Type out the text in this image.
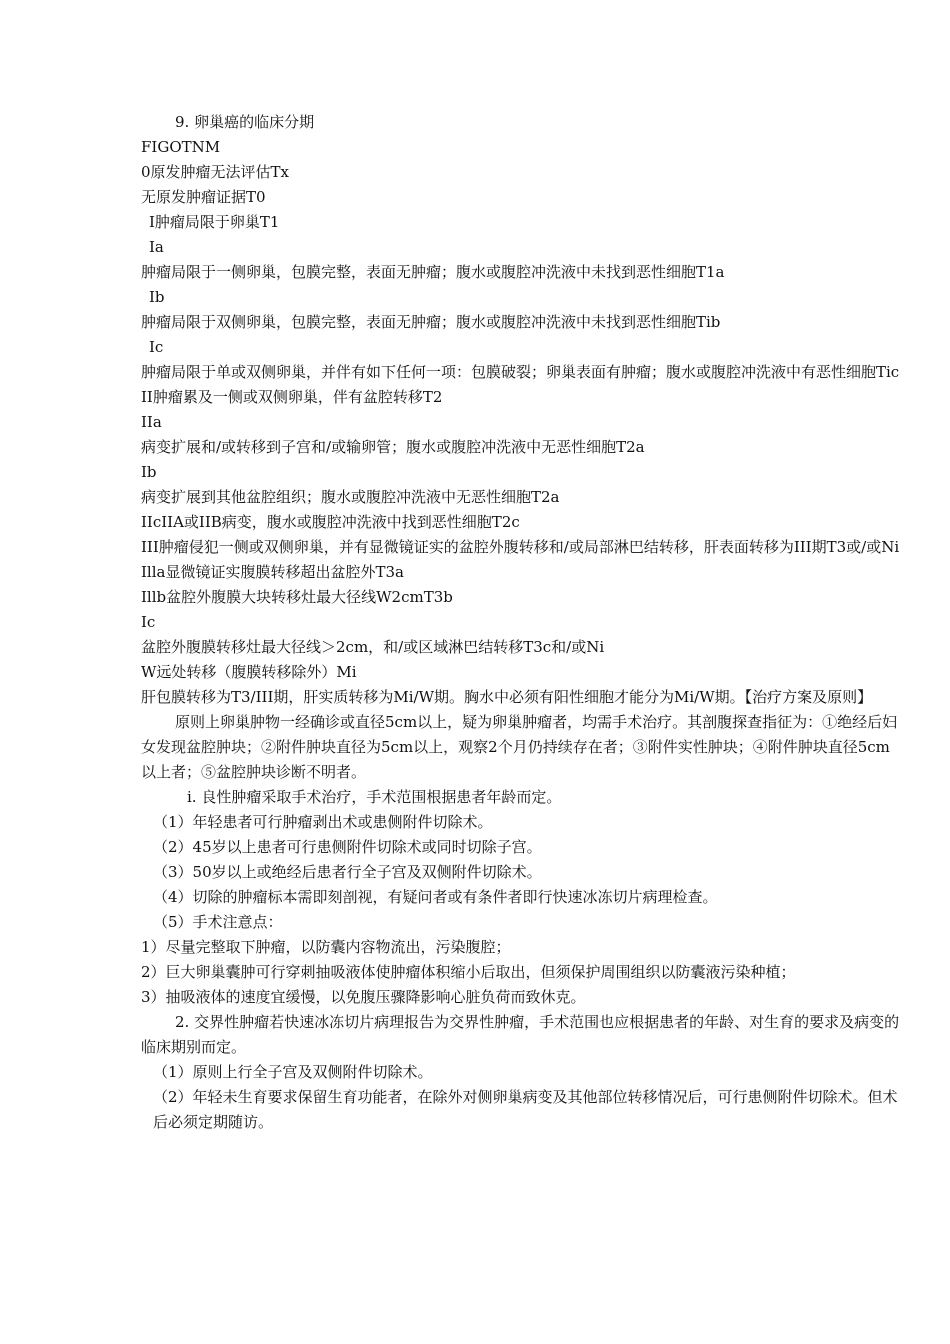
9. 卵巢癌的临床分期

FIGOTNM

0原发肿瘤无法评估Tx

无原发肿瘤证据T0

I肿瘤局限于卵巢T1

Ia

肿瘤局限于一侧卵巢，包膜完整，表面无肿瘤；腹水或腹腔冲洗液中未找到恶性细胞T1a

Ib

肿瘤局限于双侧卵巢，包膜完整，表面无肿瘤；腹水或腹腔冲洗液中未找到恶性细胞Tib

Ic

肿瘤局限于单或双侧卵巢，并伴有如下任何一项：包膜破裂；卵巢表面有肿瘤；腹水或腹腔冲洗液中有恶性细胞Tic

II肿瘤累及一侧或双侧卵巢，伴有盆腔转移T2

IIa

病变扩展和/或转移到子宫和/或输卵管；腹水或腹腔冲洗液中无恶性细胞T2a

Ib

病变扩展到其他盆腔组织；腹水或腹腔冲洗液中无恶性细胞T2a

IIcIIA或IIB病变，腹水或腹腔冲洗液中找到恶性细胞T2c

III肿瘤侵犯一侧或双侧卵巢，并有显微镜证实的盆腔外腹转移和/或局部淋巴结转移，肝表面转移为III期T3或/或Ni

Illa显微镜证实腹膜转移超出盆腔外T3a

Illb盆腔外腹膜大块转移灶最大径线W2cmT3b

Ic

盆腔外腹膜转移灶最大径线＞2cm，和/或区域淋巴结转移T3c和/或Ni

W远处转移（腹膜转移除外）Mi

肝包膜转移为T3/III期，肝实质转移为Mi/W期。胸水中必须有阳性细胞才能分为Mi/W期。【治疗方案及原则】

原则上卵巢肿物一经确诊或直径5cm以上，疑为卵巢肿瘤者，均需手术治疗。其剖腹探查指征为：①绝经后妇女发现盆腔肿块；②附件肿块直径为5cm以上，观察2个月仍持续存在者；③附件实性肿块；④附件肿块直径5cm以上者；⑤盆腔肿块诊断不明者。

i. 良性肿瘤采取手术治疗，手术范围根据患者年龄而定。

（1）年轻患者可行肿瘤剥出术或患侧附件切除术。

（2）45岁以上患者可行患侧附件切除术或同时切除子宫。

（3）50岁以上或绝经后患者行全子宫及双侧附件切除术。

（4）切除的肿瘤标本需即刻剖视，有疑问者或有条件者即行快速冰冻切片病理检查。

（5）手术注意点：

1）尽量完整取下肿瘤，以防囊内容物流出，污染腹腔；

2）巨大卵巢囊肿可行穿刺抽吸液体使肿瘤体积缩小后取出，但须保护周围组织以防囊液污染种植；

3）抽吸液体的速度宜缓慢，以免腹压骤降影响心脏负荷而致休克。

2. 交界性肿瘤若快速冰冻切片病理报告为交界性肿瘤，手术范围也应根据患者的年龄、对生育的要求及病变的临床期别而定。

（1）原则上行全子宫及双侧附件切除术。

（2）年轻未生育要求保留生育功能者，在除外对侧卵巢病变及其他部位转移情况后，可行患侧附件切除术。但术后必须定期随访。
